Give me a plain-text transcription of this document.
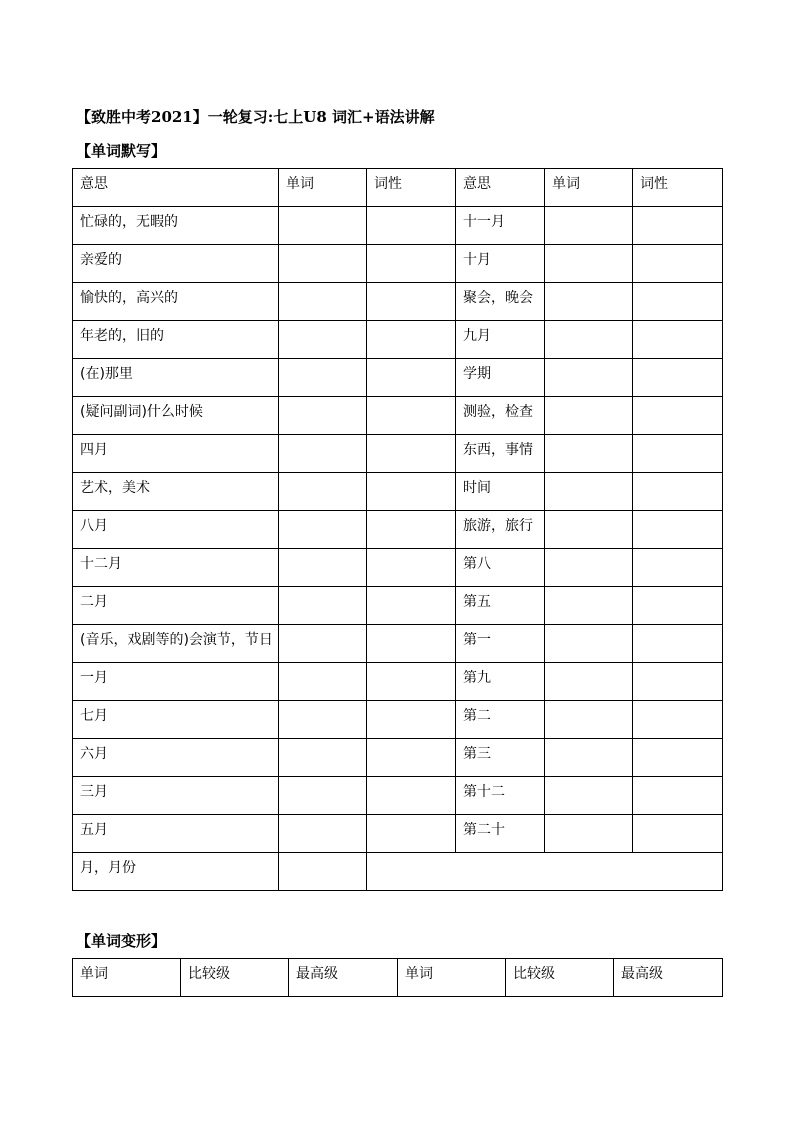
【致胜中考2021】一轮复习:七上U8 词汇+语法讲解
【单词默写】
意思	单词	词性	意思	单词	词性
忙碌的，无暇的			十一月		
亲爱的			十月		
愉快的，高兴的			聚会，晚会		
年老的，旧的			九月		
(在)那里			学期		
(疑问副词)什么时候			测验，检查		
四月			东西，事情		
艺术，美术			时间		
八月			旅游，旅行		
十二月			第八		
二月			第五		
(音乐，戏剧等的)会演节，节日			第一		
一月			第九		
七月			第二		
六月			第三		
三月			第十二		
五月			第二十		
月，月份					
【单词变形】
单词	比较级	最高级	单词	比较级	最高级
